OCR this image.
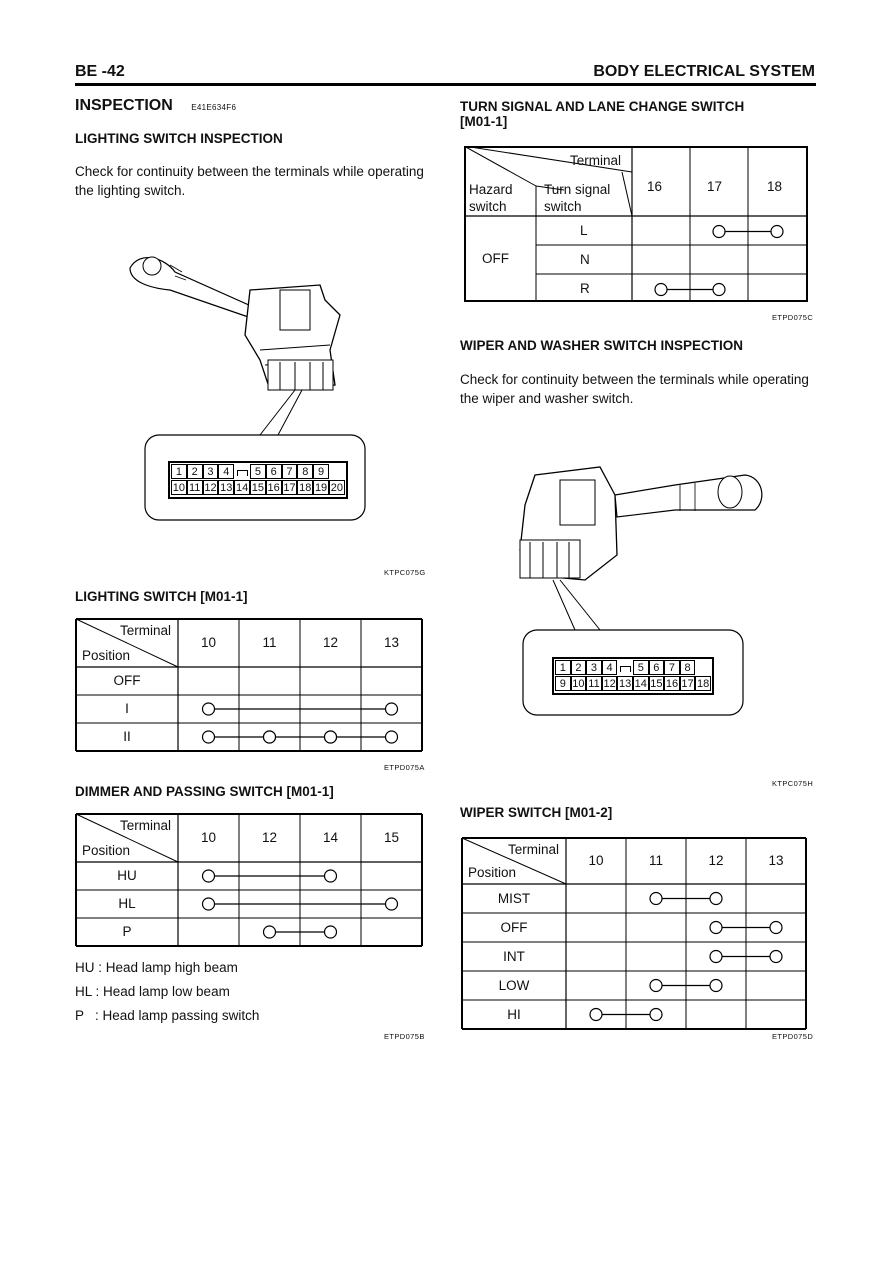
BE -42	BODY ELECTRICAL SYSTEM
INSPECTION E41E634F6
LIGHTING SWITCH INSPECTION
Check for continuity between the terminals while operating the lighting switch.
1 2 3 4	5 6 7 8 9
10 11 12 13 14 15 16 17 18 19 20
KTPC075G
LIGHTING SWITCH [M01-1]
Terminal
Position
10	11	12	13
OFF
I
II
ETPD075A
DIMMER AND PASSING SWITCH [M01-1]
Terminal
Position
10	12	14	15
HU
HL
P
HU : Head lamp high beam
HL : Head lamp low beam
P   : Head lamp passing switch
ETPD075B
TURN SIGNAL AND LANE CHANGE SWITCH
[M01-1]
Terminal
Turn signal
switch
Hazard
switch
OFF
16	17	18
L
N
R
ETPD075C
WIPER AND WASHER SWITCH INSPECTION
Check for continuity between the terminals while operating the wiper and washer switch.
1 2 3 4	5 6 7 8
9 10 11 12 13 14 15 16 17 18
KTPC075H
WIPER SWITCH [M01-2]
Terminal
Position
10	11	12	13
MIST
OFF
INT
LOW
HI
ETPD075D
